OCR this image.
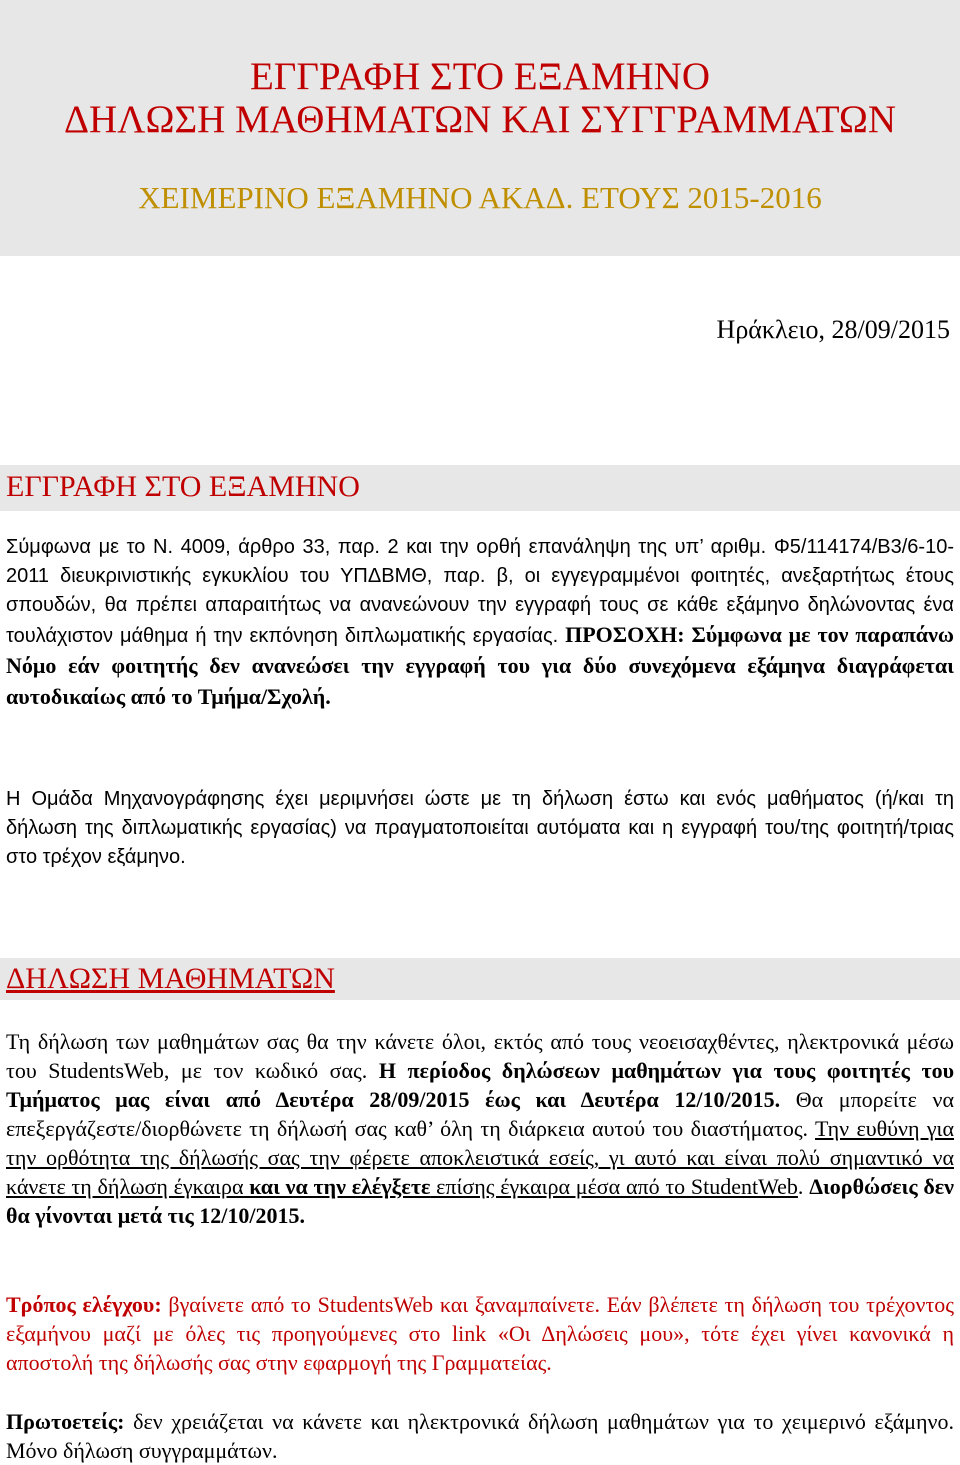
ΕΓΓΡΑΦΗ ΣΤΟ ΕΞΑΜΗΝΟ
ΔΗΛΩΣΗ ΜΑΘΗΜΑΤΩΝ ΚΑΙ ΣΥΓΓΡΑΜΜΑΤΩΝ
ΧΕΙΜΕΡΙΝΟ ΕΞΑΜΗΝΟ ΑΚΑΔ. ΕΤΟΥΣ 2015-2016
Ηράκλειο, 28/09/2015
ΕΓΓΡΑΦΗ ΣΤΟ ΕΞΑΜΗΝΟ
Σύμφωνα με το Ν. 4009, άρθρο 33, παρ. 2 και την ορθή επανάληψη της υπ’ αριθμ. Φ5/114174/Β3/6-10-2011 διευκρινιστικής εγκυκλίου του ΥΠΔΒΜΘ, παρ. β, οι εγγεγραμμένοι φοιτητές, ανεξαρτήτως έτους σπουδών, θα πρέπει απαραιτήτως να ανανεώνουν την εγγραφή τους σε κάθε εξάμηνο δηλώνοντας ένα τουλάχιστον μάθημα ή την εκπόνηση διπλωματικής εργασίας. ΠΡΟΣΟΧΗ: Σύμφωνα με τον παραπάνω Νόμο εάν φοιτητής δεν ανανεώσει την εγγραφή του για δύο συνεχόμενα εξάμηνα διαγράφεται αυτοδικαίως από το Τμήμα/Σχολή.
Η Ομάδα Μηχανογράφησης έχει μεριμνήσει ώστε με τη δήλωση έστω και ενός μαθήματος (ή/και τη δήλωση της διπλωματικής εργασίας) να πραγματοποιείται αυτόματα και η εγγραφή του/της φοιτητή/τριας στο τρέχον εξάμηνο.
ΔΗΛΩΣΗ ΜΑΘΗΜΑΤΩΝ
Τη δήλωση των μαθημάτων σας θα την κάνετε όλοι, εκτός από τους νεοεισαχθέντες, ηλεκτρονικά μέσω του StudentsWeb, με τον κωδικό σας. Η περίοδος δηλώσεων μαθημάτων για τους φοιτητές του Τμήματος μας είναι από Δευτέρα 28/09/2015 έως και Δευτέρα 12/10/2015. Θα μπορείτε να επεξεργάζεστε/διορθώνετε τη δήλωσή σας καθ’ όλη τη διάρκεια αυτού του διαστήματος. Την ευθύνη για την ορθότητα της δήλωσής σας την φέρετε αποκλειστικά εσείς, γι αυτό και είναι πολύ σημαντικό να κάνετε τη δήλωση έγκαιρα και να την ελέγξετε επίσης έγκαιρα μέσα από το StudentWeb. Διορθώσεις δεν θα γίνονται μετά τις 12/10/2015.
Τρόπος ελέγχου: βγαίνετε από το StudentsWeb και ξαναμπαίνετε. Εάν βλέπετε τη δήλωση του τρέχοντος εξαμήνου μαζί με όλες τις προηγούμενες στο link «Οι Δηλώσεις μου», τότε έχει γίνει κανονικά η αποστολή της δήλωσής σας στην εφαρμογή της Γραμματείας.
Πρωτοετείς: δεν χρειάζεται να κάνετε και ηλεκτρονικά δήλωση μαθημάτων για το χειμερινό εξάμηνο. Μόνο δήλωση συγγραμμάτων.
